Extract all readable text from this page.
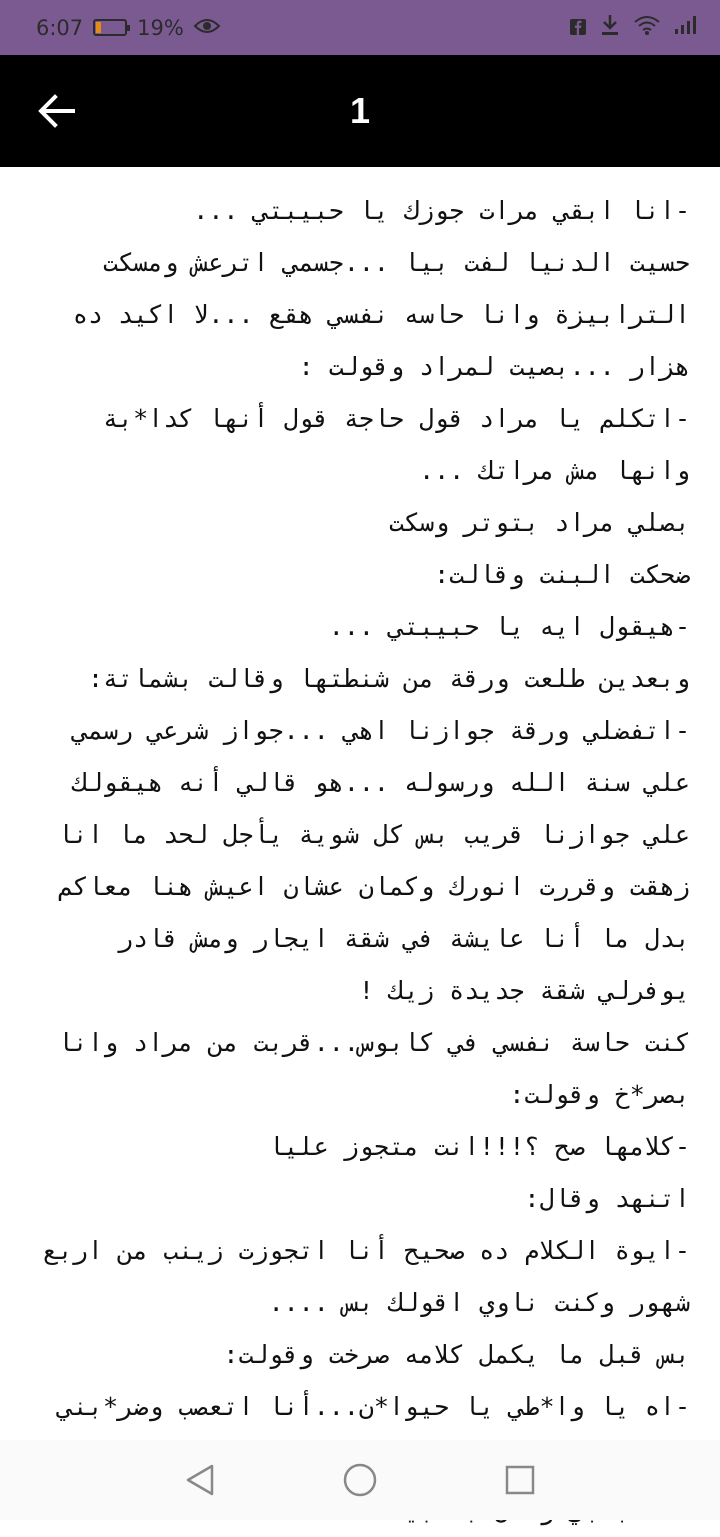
6:07	19%
1

-انا ابقي مرات جوزك يا حبيبتي ...

حسيت الدنيا لفت بيا ...جسمي اترعش ومسكت الترابيزة وانا حاسه نفسي هقع ...لا اكيد ده هزار ...بصيت لمراد وقولت :

-اتكلم يا مراد قول حاجة قول أنها كدا*بة وانها مش مراتك ...

بصلي مراد بتوتر وسكت

ضحكت البنت وقالت:

-هيقول ايه يا حبيبتي ...

وبعدين طلعت ورقة من شنطتها وقالت بشماتة:

-اتفضلي ورقة جوازنا اهي ...جواز شرعي رسمي علي سنة الله ورسوله ...هو قالي أنه هيقولك علي جوازنا قريب بس كل شوية يأجل لحد ما انا زهقت وقررت انورك وكمان عشان اعيش هنا معاكم بدل ما أنا عايشة في شقة ايجار ومش قادر يوفرلي شقة جديدة زيك !

كنت حاسة نفسي في كابوس...قربت من مراد وانا بصر*خ وقولت:

-كلامها صح ؟!!!انت متجوز عليا

اتنهد وقال:

-ايوة الكلام ده صحيح أنا اتجوزت زينب من اربع شهور وكنت ناوي اقولك بس ....

بس قبل ما يكمل كلامه صرخت وقولت:

-اه يا وا*طي يا حيوا*ن...أنا اتعصب وضر*بني
